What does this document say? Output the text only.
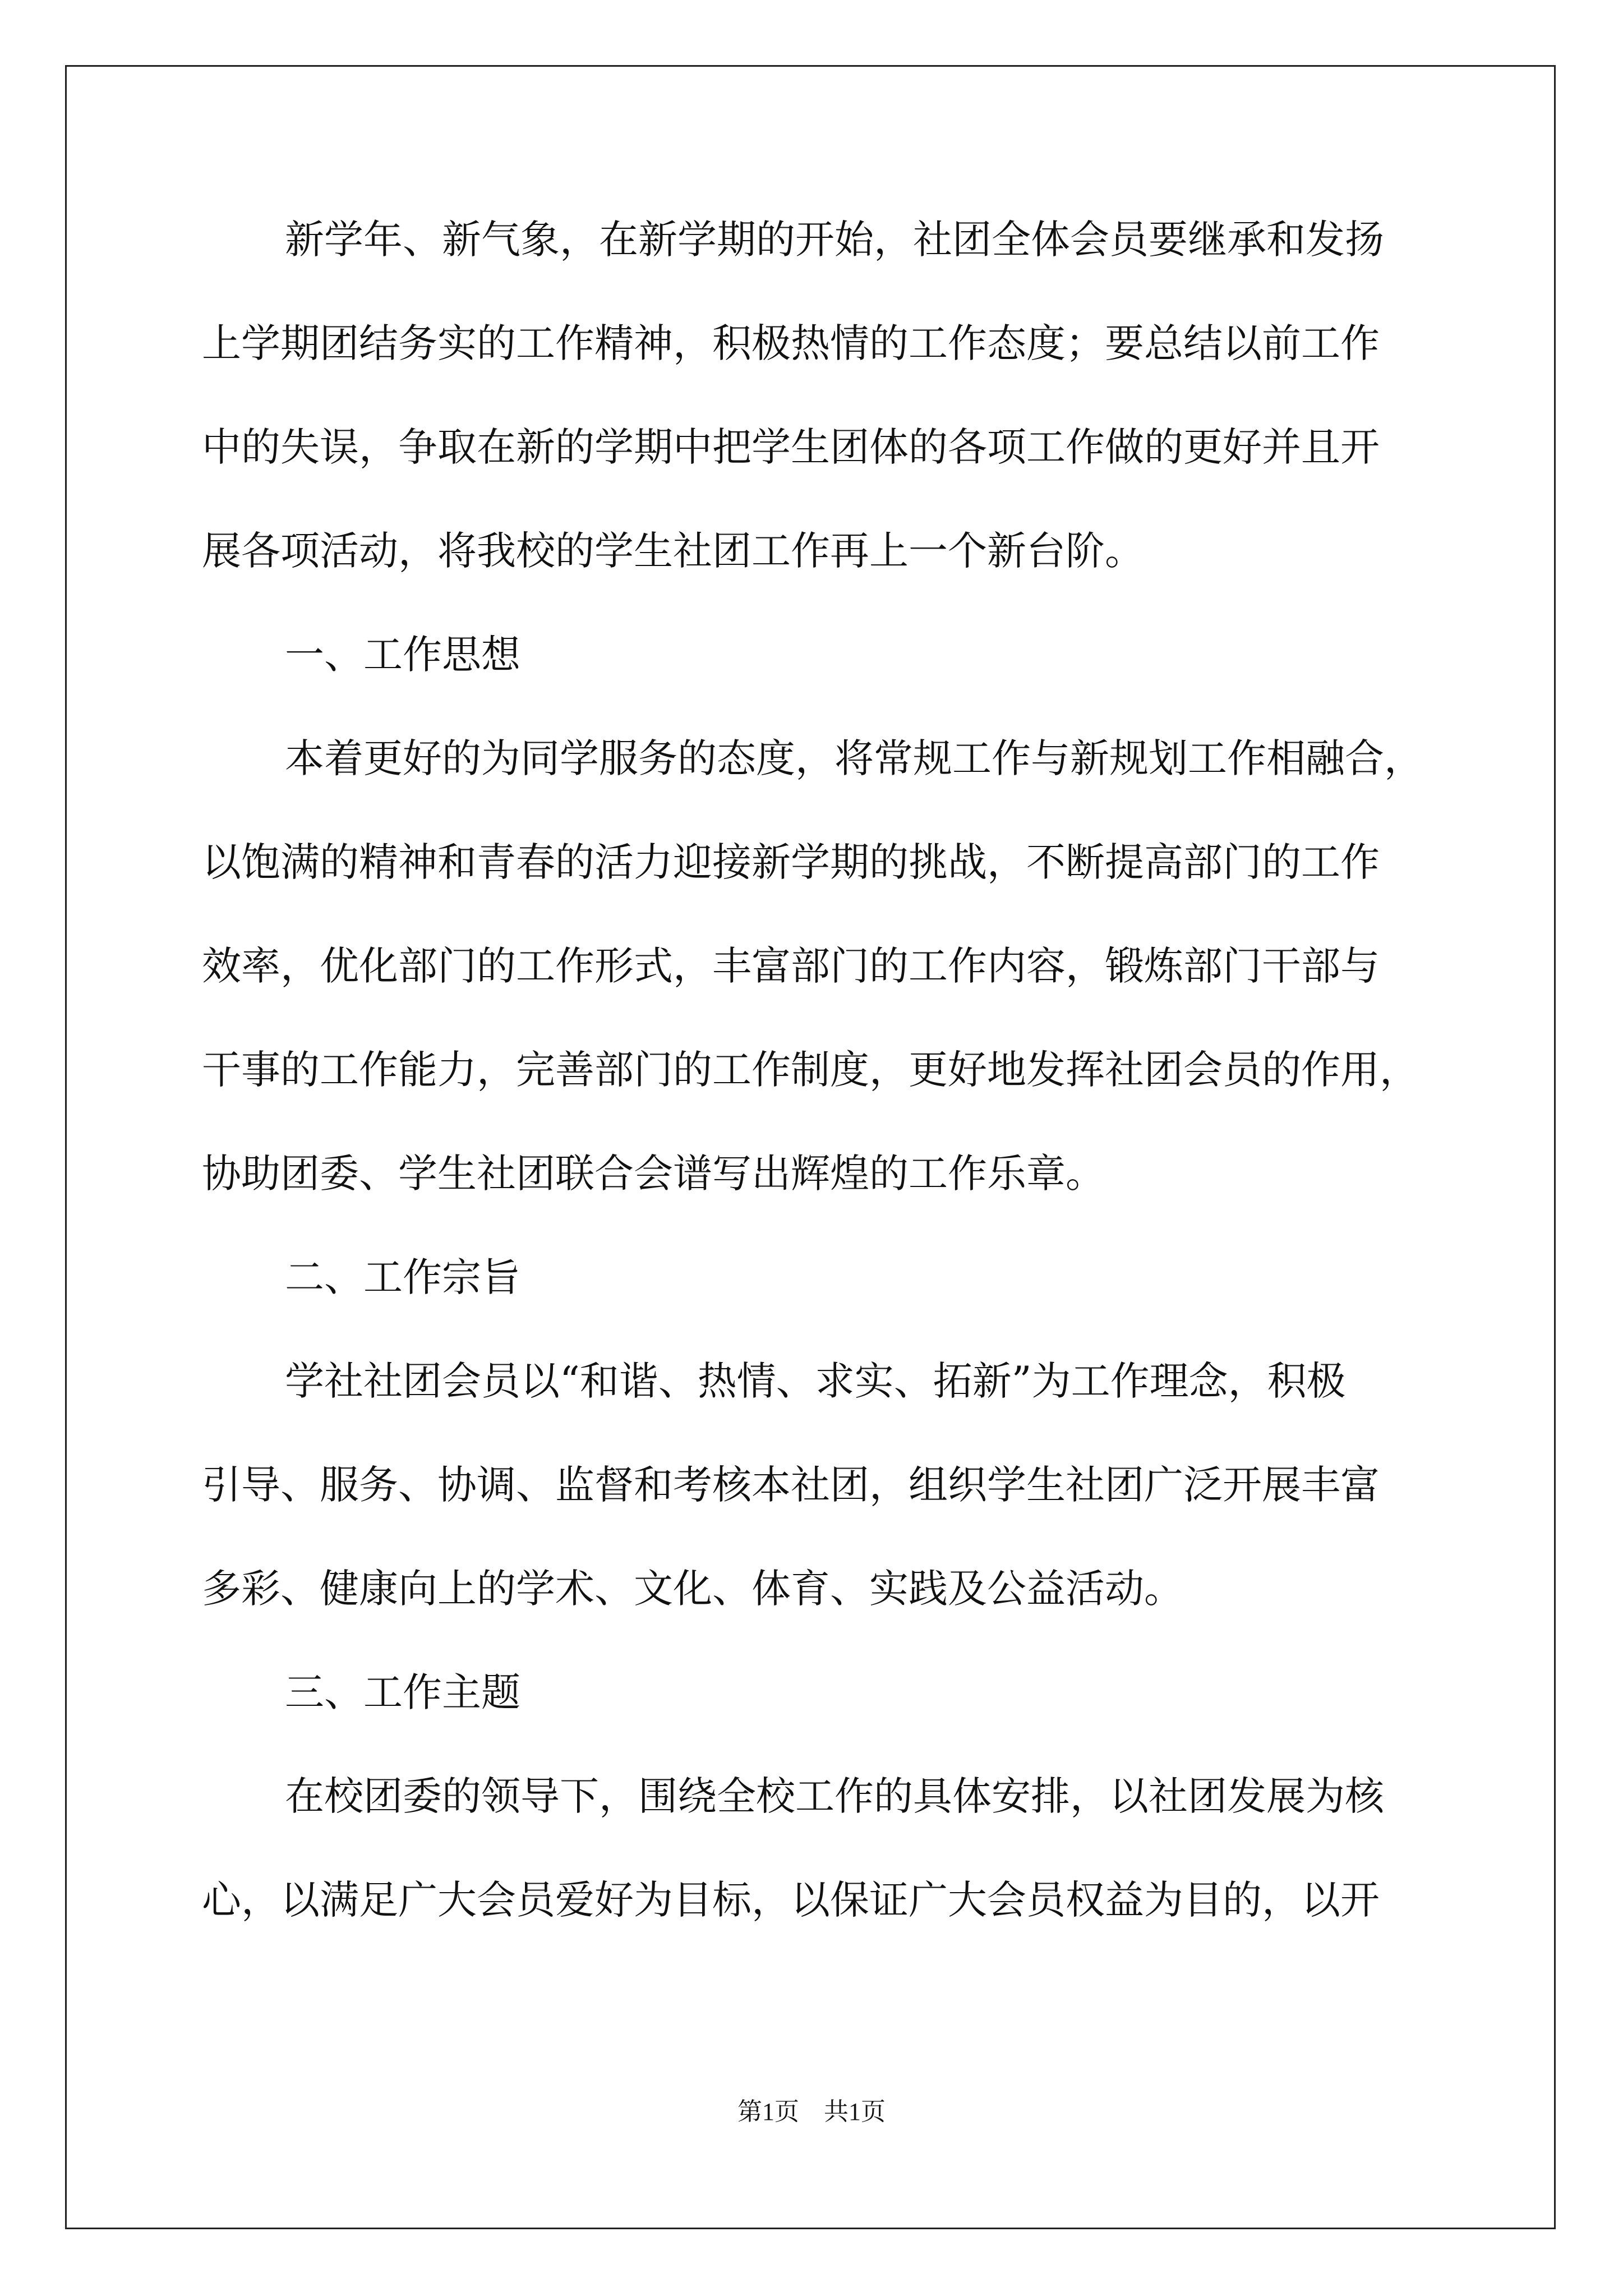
新学年、新气象，在新学期的开始，社团全体会员要继承和发扬
上学期团结务实的工作精神，积极热情的工作态度；要总结以前工作
中的失误，争取在新的学期中把学生团体的各项工作做的更好并且开
展各项活动，将我校的学生社团工作再上一个新台阶。
一、工作思想
本着更好的为同学服务的态度，将常规工作与新规划工作相融合，
以饱满的精神和青春的活力迎接新学期的挑战，不断提高部门的工作
效率，优化部门的工作形式，丰富部门的工作内容，锻炼部门干部与
干事的工作能力，完善部门的工作制度，更好地发挥社团会员的作用，
协助团委、学生社团联合会谱写出辉煌的工作乐章。
二、工作宗旨
学社社团会员以“和谐、热情、求实、拓新”为工作理念，积极
引导、服务、协调、监督和考核本社团，组织学生社团广泛开展丰富
多彩、健康向上的学术、文化、体育、实践及公益活动。
三、工作主题
在校团委的领导下，围绕全校工作的具体安排，以社团发展为核
心，以满足广大会员爱好为目标，以保证广大会员权益为目的，以开
第1页　共1页
